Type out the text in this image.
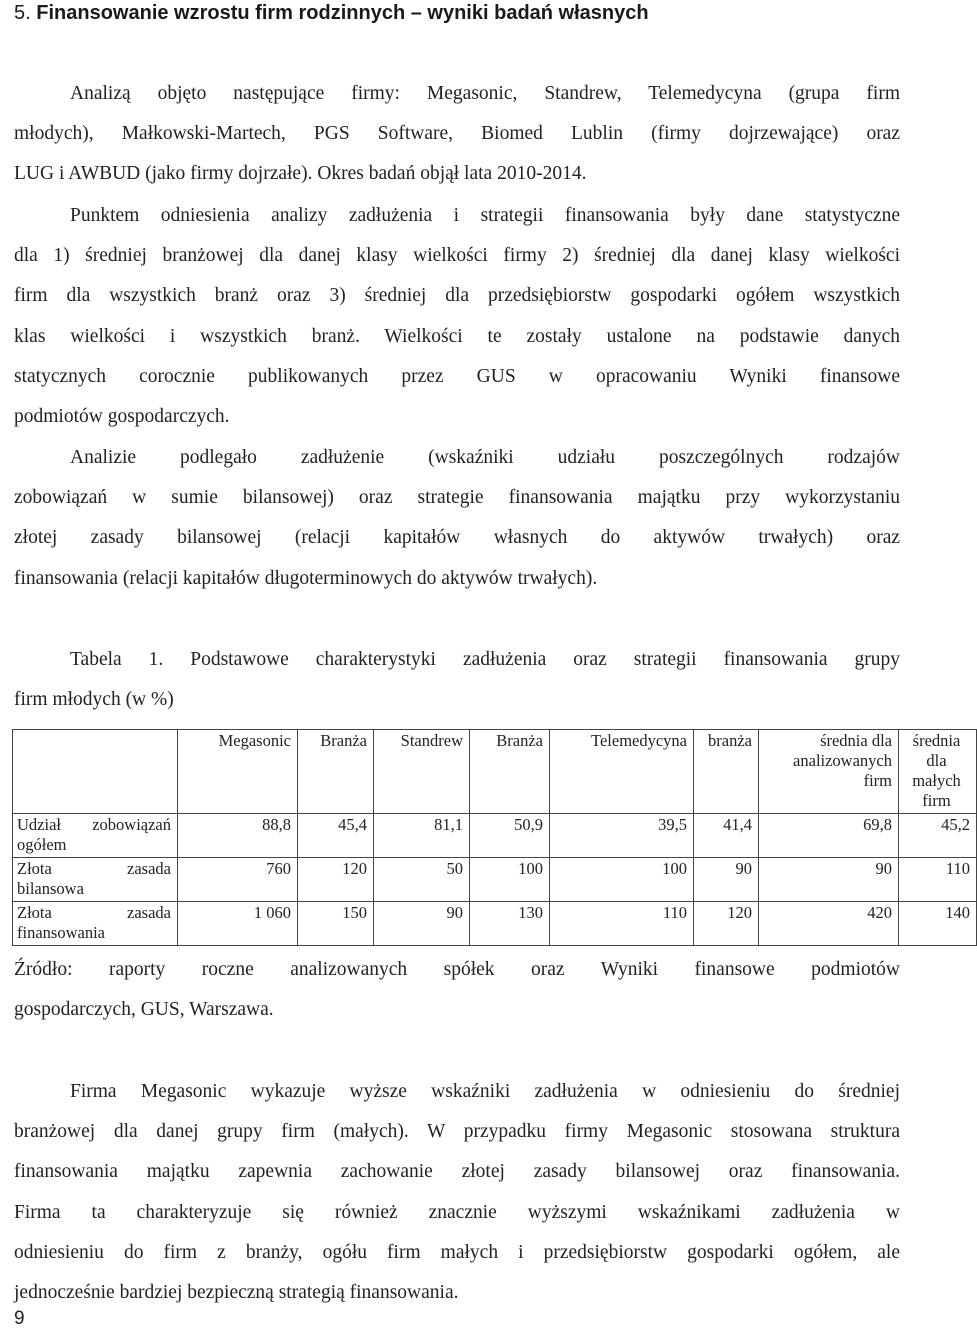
5. Finansowanie wzrostu firm rodzinnych – wyniki badań własnych
Analizą objęto następujące firmy: Megasonic, Standrew, Telemedycyna (grupa firm
młodych), Małkowski-Martech, PGS Software, Biomed Lublin (firmy dojrzewające) oraz
LUG i AWBUD (jako firmy dojrzałe). Okres badań objął lata 2010-2014.
Punktem odniesienia analizy zadłużenia i strategii finansowania były dane statystyczne
dla 1) średniej branżowej dla danej klasy wielkości firmy 2) średniej dla danej klasy wielkości
firm dla wszystkich branż oraz 3) średniej dla przedsiębiorstw gospodarki ogółem wszystkich
klas wielkości i wszystkich branż. Wielkości te zostały ustalone na podstawie danych
statycznych corocznie publikowanych przez GUS w opracowaniu Wyniki finansowe
podmiotów gospodarczych.
Analizie podlegało zadłużenie (wskaźniki udziału poszczególnych rodzajów
zobowiązań w sumie bilansowej) oraz strategie finansowania majątku przy wykorzystaniu
złotej zasady bilansowej (relacji kapitałów własnych do aktywów trwałych) oraz
finansowania (relacji kapitałów długoterminowych do aktywów trwałych).
Tabela 1. Podstawowe charakterystyki zadłużenia oraz strategii finansowania grupy
firm młodych (w %)
	Megasonic	Branża	Standrew	Branża	Telemedycyna	branża	średnia dla analizowanych firm	średnia dla małych firm

Udział zobowiązań
ogółem	88,8	45,4	81,1	50,9	39,5	41,4	69,8	45,2

Złota zasada
bilansowa	760	120	50	100	100	90	90	110

Złota zasada
finansowania	1 060	150	90	130	110	120	420	140
Źródło: raporty roczne analizowanych spółek oraz Wyniki finansowe podmiotów
gospodarczych, GUS, Warszawa.
Firma Megasonic wykazuje wyższe wskaźniki zadłużenia w odniesieniu do średniej
branżowej dla danej grupy firm (małych). W przypadku firmy Megasonic stosowana struktura
finansowania majątku zapewnia zachowanie złotej zasady bilansowej oraz finansowania.
Firma ta charakteryzuje się również znacznie wyższymi wskaźnikami zadłużenia w
odniesieniu do firm z branży, ogółu firm małych i przedsiębiorstw gospodarki ogółem, ale
jednocześnie bardziej bezpieczną strategią finansowania.
9
